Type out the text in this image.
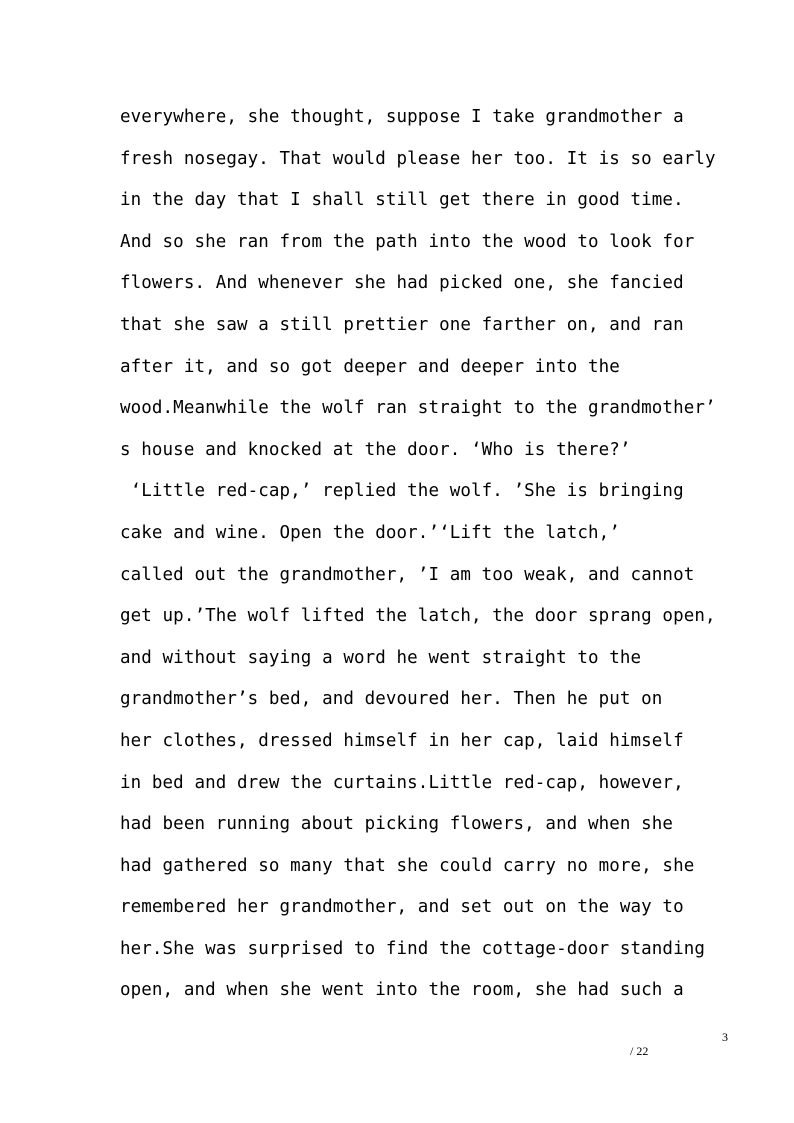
everywhere, she thought, suppose I take grandmother a
fresh nosegay. That would please her too. It is so early
in the day that I shall still get there in good time.
And so she ran from the path into the wood to look for
flowers. And whenever she had picked one, she fancied
that she saw a still prettier one farther on, and ran
after it, and so got deeper and deeper into the
wood.Meanwhile the wolf ran straight to the grandmother’
s house and knocked at the door. ‘Who is there?’
‘Little red-cap,’ replied the wolf. ’She is bringing
cake and wine. Open the door.’‘Lift the latch,’
called out the grandmother, ’I am too weak, and cannot
get up.’The wolf lifted the latch, the door sprang open,
and without saying a word he went straight to the
grandmother’s bed, and devoured her. Then he put on
her clothes, dressed himself in her cap, laid himself
in bed and drew the curtains.Little red-cap, however,
had been running about picking flowers, and when she
had gathered so many that she could carry no more, she
remembered her grandmother, and set out on the way to
her.She was surprised to find the cottage-door standing
open, and when she went into the room, she had such a
3
/ 22
